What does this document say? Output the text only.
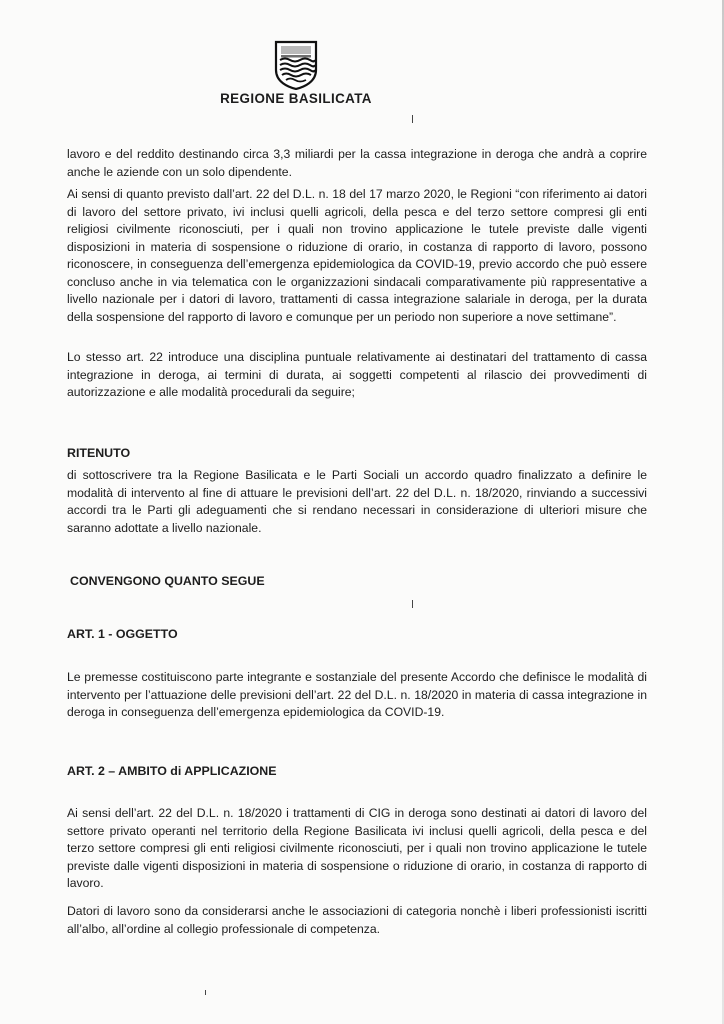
REGIONE BASILICATA

lavoro e del reddito destinando circa 3,3 miliardi per la cassa integrazione in deroga che andrà a coprire anche le aziende con un solo dipendente.

Ai sensi di quanto previsto dall’art. 22 del D.L. n. 18 del 17 marzo 2020, le Regioni “con riferimento ai datori di lavoro del settore privato, ivi inclusi quelli agricoli, della pesca e del terzo settore compresi gli enti religiosi civilmente riconosciuti, per i quali non trovino applicazione le tutele previste dalle vigenti disposizioni in materia di sospensione o riduzione di orario, in costanza di rapporto di lavoro, possono riconoscere, in conseguenza dell’emergenza epidemiologica da COVID-19, previo accordo che può essere concluso anche in via telematica con le organizzazioni sindacali comparativamente più rappresentative a livello nazionale per i datori di lavoro, trattamenti di cassa integrazione salariale in deroga, per la durata della sospensione del rapporto di lavoro e comunque per un periodo non superiore a nove settimane”.

Lo stesso art. 22 introduce una disciplina puntuale relativamente ai destinatari del trattamento di cassa integrazione in deroga, ai termini di durata, ai soggetti competenti al rilascio dei provvedimenti di autorizzazione e alle modalità procedurali da seguire;

RITENUTO

di sottoscrivere tra la Regione Basilicata e le Parti Sociali un accordo quadro finalizzato a definire le modalità di intervento al fine di attuare le previsioni dell’art. 22 del D.L. n. 18/2020, rinviando a successivi accordi tra le Parti gli adeguamenti che si rendano necessari in considerazione di ulteriori misure che saranno adottate a livello nazionale.

CONVENGONO QUANTO SEGUE
ART. 1 - OGGETTO

Le premesse costituiscono parte integrante e sostanziale del presente Accordo che definisce le modalità di intervento per l’attuazione delle previsioni dell’art. 22 del D.L. n. 18/2020 in materia di cassa integrazione in deroga in conseguenza dell’emergenza epidemiologica da COVID-19.

ART. 2 – AMBITO di APPLICAZIONE

Ai sensi dell’art. 22 del D.L. n. 18/2020 i trattamenti di CIG in deroga sono destinati ai datori di lavoro del settore privato operanti nel territorio della Regione Basilicata ivi inclusi quelli agricoli, della pesca e del terzo settore compresi gli enti religiosi civilmente riconosciuti, per i quali non trovino applicazione le tutele previste dalle vigenti disposizioni in materia di sospensione o riduzione di orario, in costanza di rapporto di lavoro.

Datori di lavoro sono da considerarsi anche le associazioni di categoria nonchè i liberi professionisti iscritti all’albo, all’ordine al collegio professionale di competenza.
